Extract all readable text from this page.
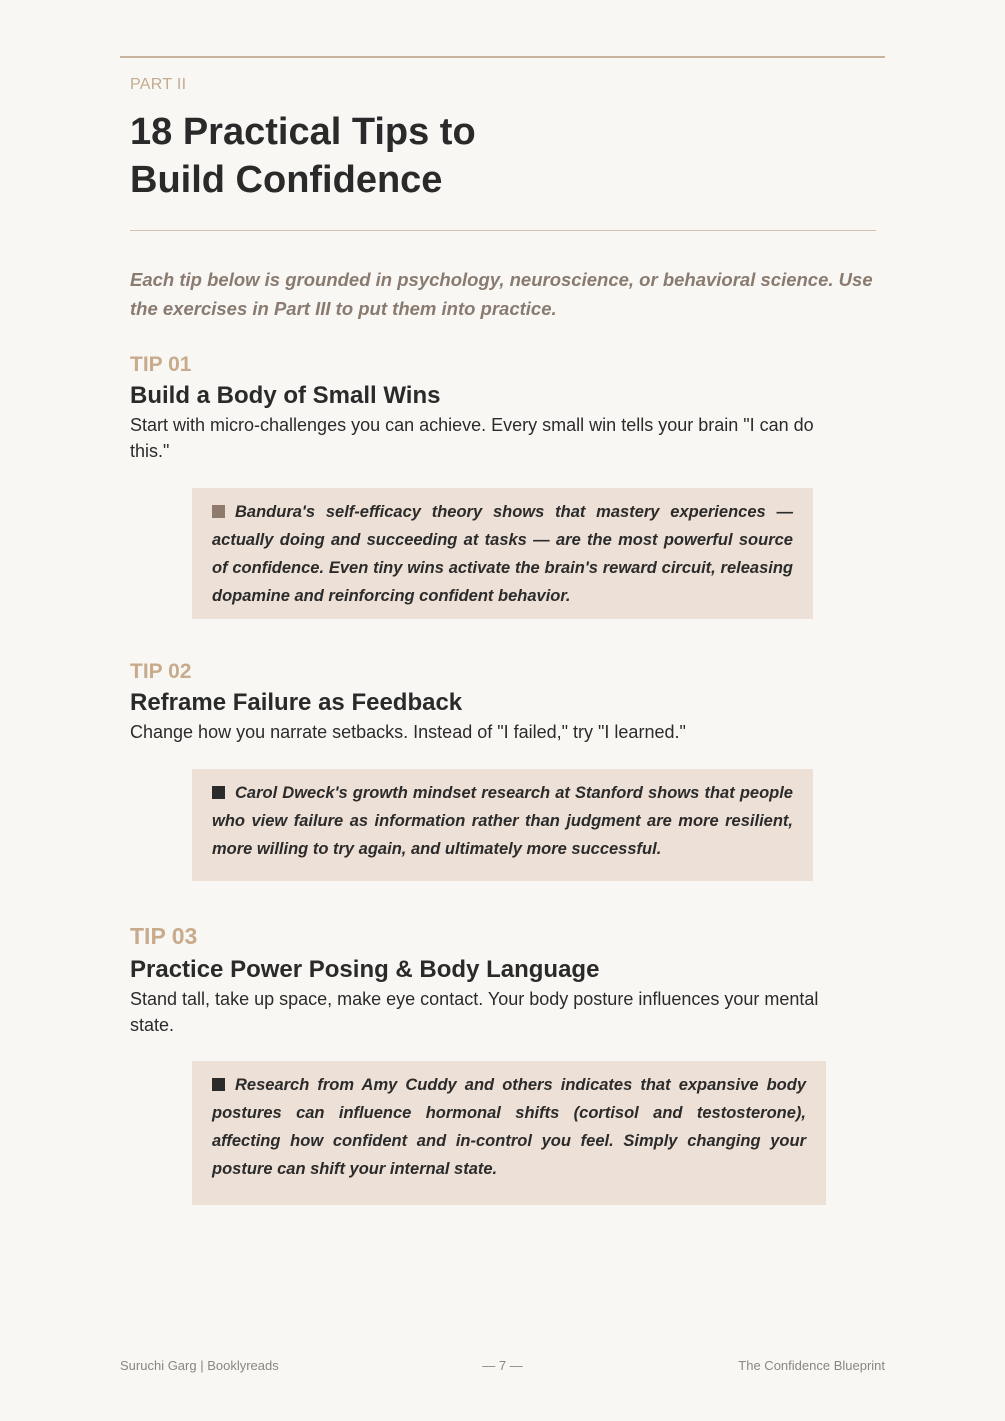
PART II
18 Practical Tips to
Build Confidence
Each tip below is grounded in psychology, neuroscience, or behavioral science. Use the exercises in Part III to put them into practice.
TIP 01
Build a Body of Small Wins
Start with micro-challenges you can achieve. Every small win tells your brain "I can do this."
Bandura's self-efficacy theory shows that mastery experiences — actually doing and succeeding at tasks — are the most powerful source of confidence. Even tiny wins activate the brain's reward circuit, releasing dopamine and reinforcing confident behavior.
TIP 02
Reframe Failure as Feedback
Change how you narrate setbacks. Instead of "I failed," try "I learned."
Carol Dweck's growth mindset research at Stanford shows that people who view failure as information rather than judgment are more resilient, more willing to try again, and ultimately more successful.
TIP 03
Practice Power Posing & Body Language
Stand tall, take up space, make eye contact. Your body posture influences your mental state.
Research from Amy Cuddy and others indicates that expansive body postures can influence hormonal shifts (cortisol and testosterone), affecting how confident and in-control you feel. Simply changing your posture can shift your internal state.
Suruchi Garg | Booklyreads	— 7 —	The Confidence Blueprint
